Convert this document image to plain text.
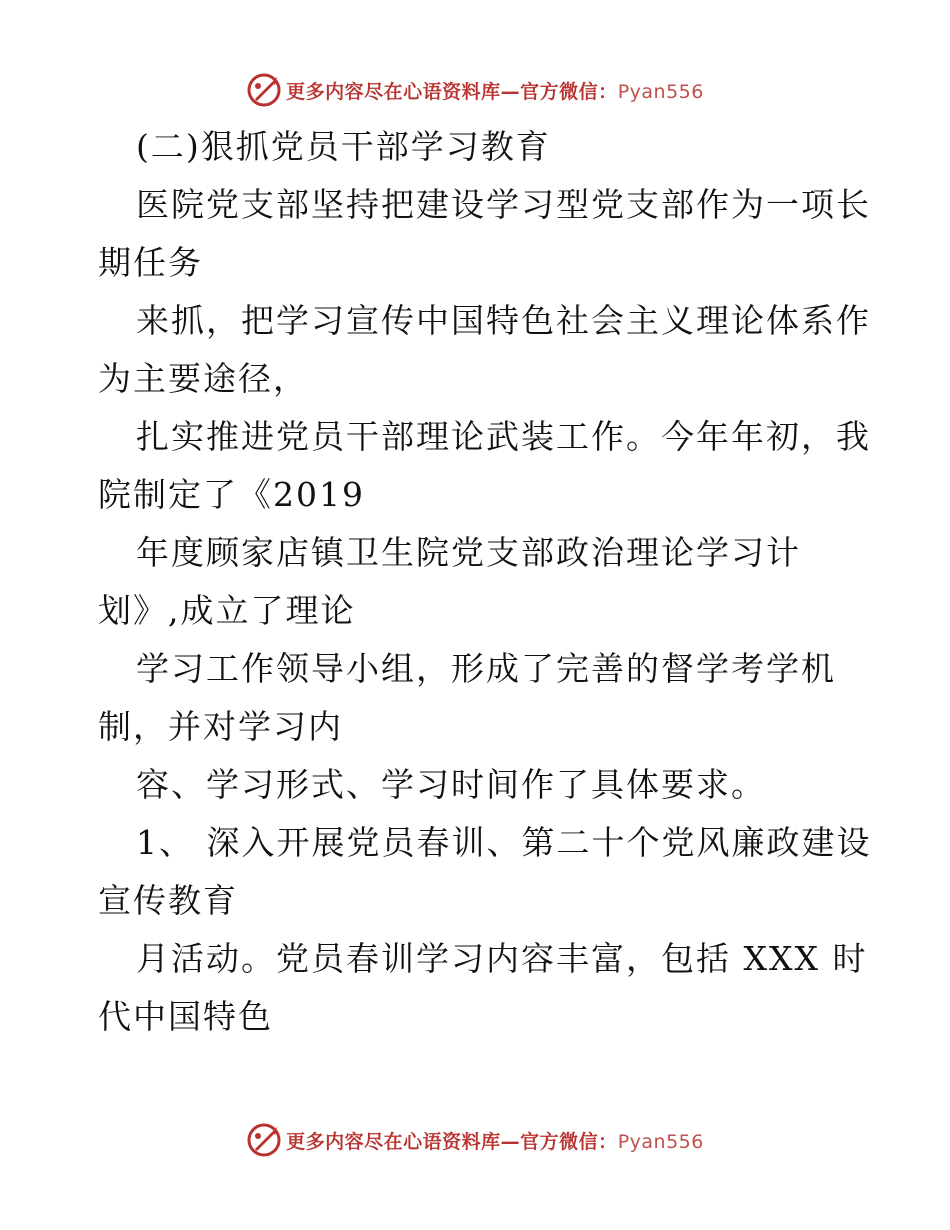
更多内容尽在心语资料库—官方微信：Pyan556
(二)狠抓党员干部学习教育
医院党支部坚持把建设学习型党支部作为一项长
期任务
来抓，把学习宣传中国特色社会主义理论体系作
为主要途径，
扎实推进党员干部理论武装工作。今年年初，我
院制定了《2019
年度顾家店镇卫生院党支部政治理论学习计
划》,成立了理论
学习工作领导小组，形成了完善的督学考学机
制，并对学习内
容、学习形式、学习时间作了具体要求。
1、 深入开展党员春训、第二十个党风廉政建设
宣传教育
月活动。党员春训学习内容丰富，包括 XXX 时
代中国特色
更多内容尽在心语资料库—官方微信：Pyan556
